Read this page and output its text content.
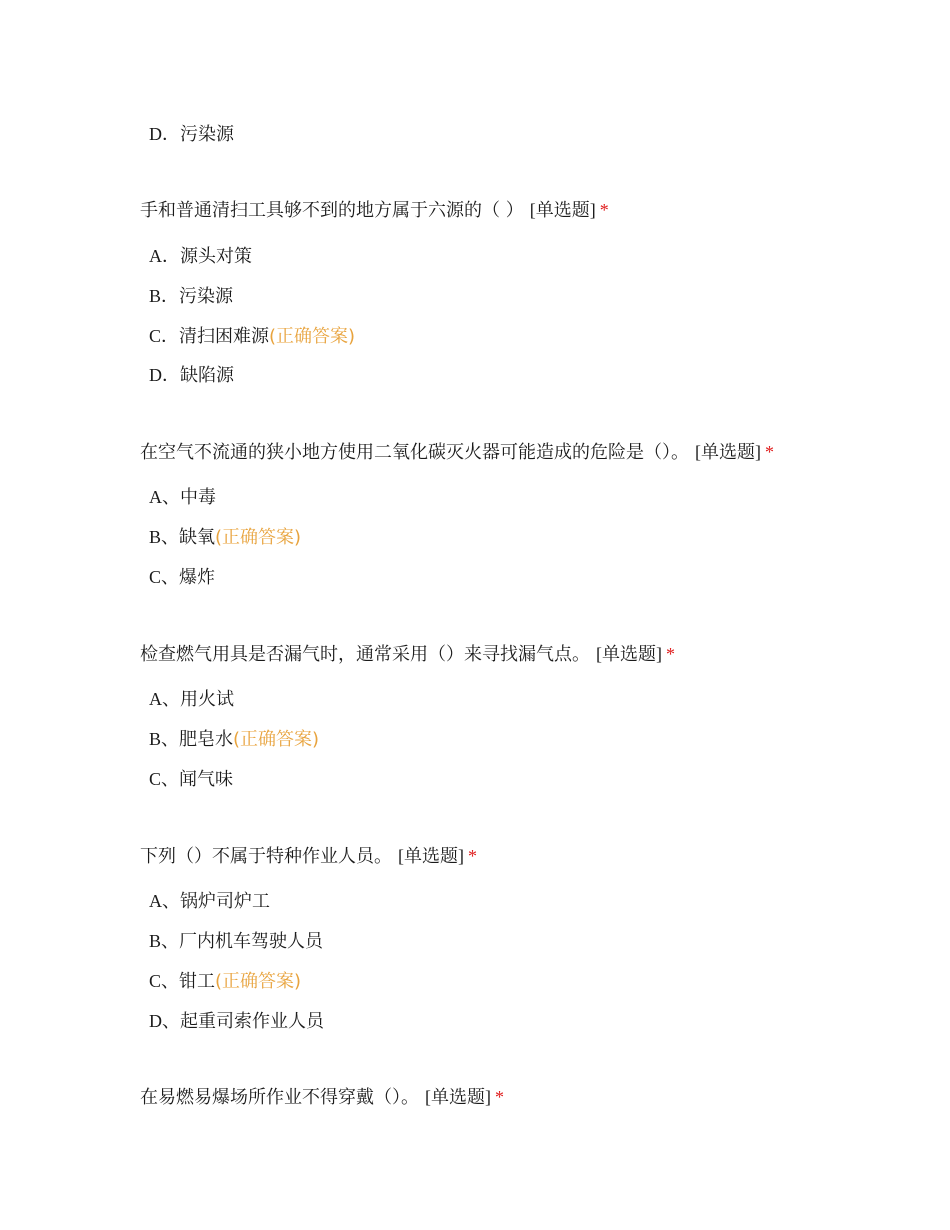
D．污染源
手和普通清扫工具够不到的地方属于六源的（ ） [单选题] *
A．源头对策
B．污染源
C．清扫困难源(正确答案)
D．缺陷源
在空气不流通的狭小地方使用二氧化碳灭火器可能造成的危险是（）。 [单选题] *
A、中毒
B、缺氧(正确答案)
C、爆炸
检查燃气用具是否漏气时，通常采用（）来寻找漏气点。 [单选题] *
A、用火试
B、肥皂水(正确答案)
C、闻气味
下列（）不属于特种作业人员。 [单选题] *
A、锅炉司炉工
B、厂内机车驾驶人员
C、钳工(正确答案)
D、起重司索作业人员
在易燃易爆场所作业不得穿戴（）。 [单选题] *
